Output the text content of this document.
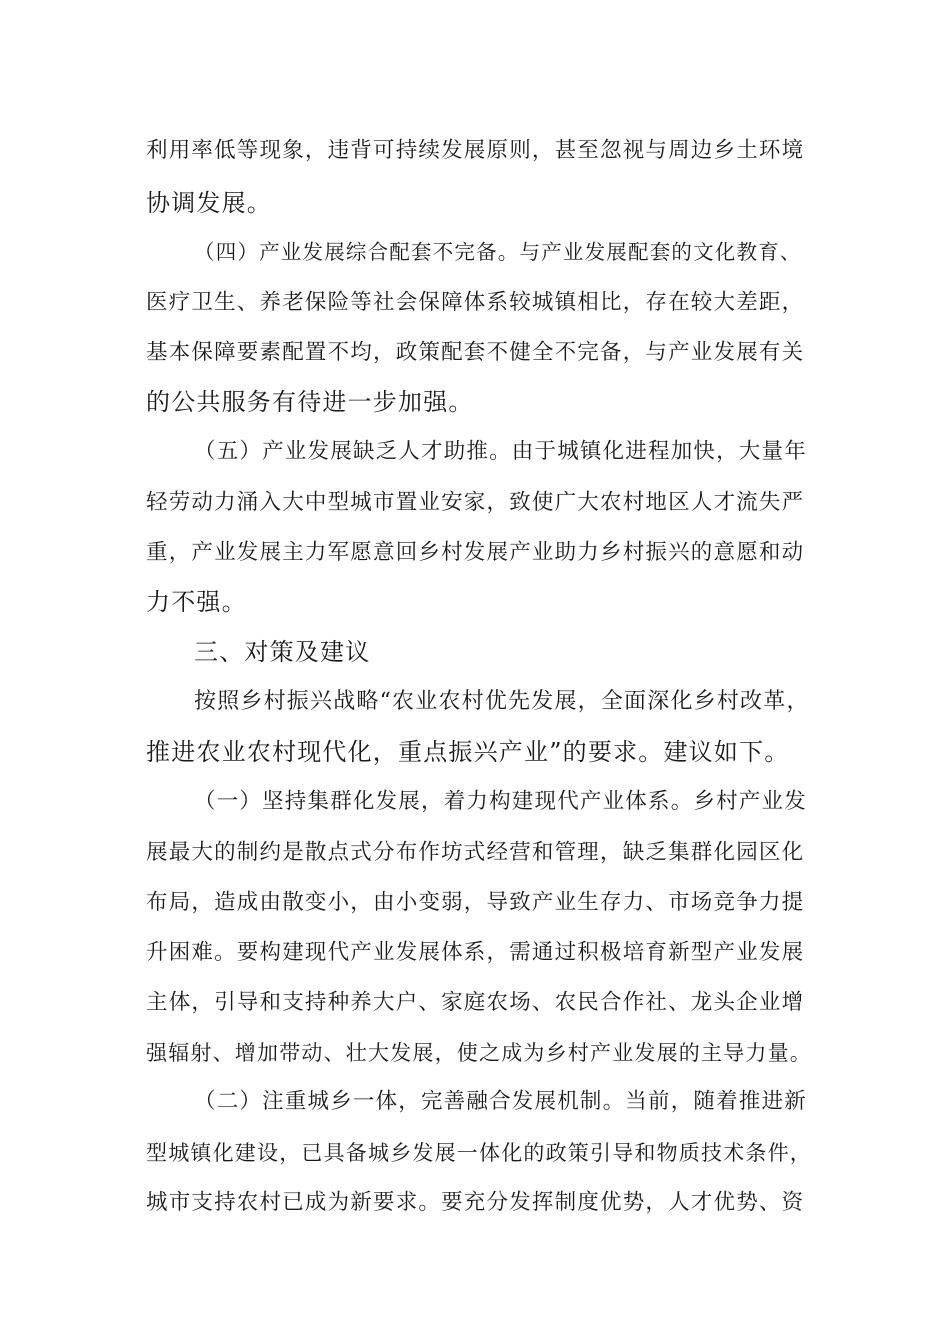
利用率低等现象，违背可持续发展原则，甚至忽视与周边乡土环境
协调发展。
（四）产业发展综合配套不完备。与产业发展配套的文化教育、
医疗卫生、养老保险等社会保障体系较城镇相比，存在较大差距，
基本保障要素配置不均，政策配套不健全不完备，与产业发展有关
的公共服务有待进一步加强。
（五）产业发展缺乏人才助推。由于城镇化进程加快，大量年
轻劳动力涌入大中型城市置业安家，致使广大农村地区人才流失严
重，产业发展主力军愿意回乡村发展产业助力乡村振兴的意愿和动
力不强。
三、对策及建议
按照乡村振兴战略“农业农村优先发展，全面深化乡村改革，
推进农业农村现代化，重点振兴产业”的要求。建议如下。
（一）坚持集群化发展，着力构建现代产业体系。乡村产业发
展最大的制约是散点式分布作坊式经营和管理，缺乏集群化园区化
布局，造成由散变小，由小变弱，导致产业生存力、市场竞争力提
升困难。要构建现代产业发展体系，需通过积极培育新型产业发展
主体，引导和支持种养大户、家庭农场、农民合作社、龙头企业增
强辐射、增加带动、壮大发展，使之成为乡村产业发展的主导力量。
（二）注重城乡一体，完善融合发展机制。当前，随着推进新
型城镇化建设，已具备城乡发展一体化的政策引导和物质技术条件，
城市支持农村已成为新要求。要充分发挥制度优势，人才优势、资
